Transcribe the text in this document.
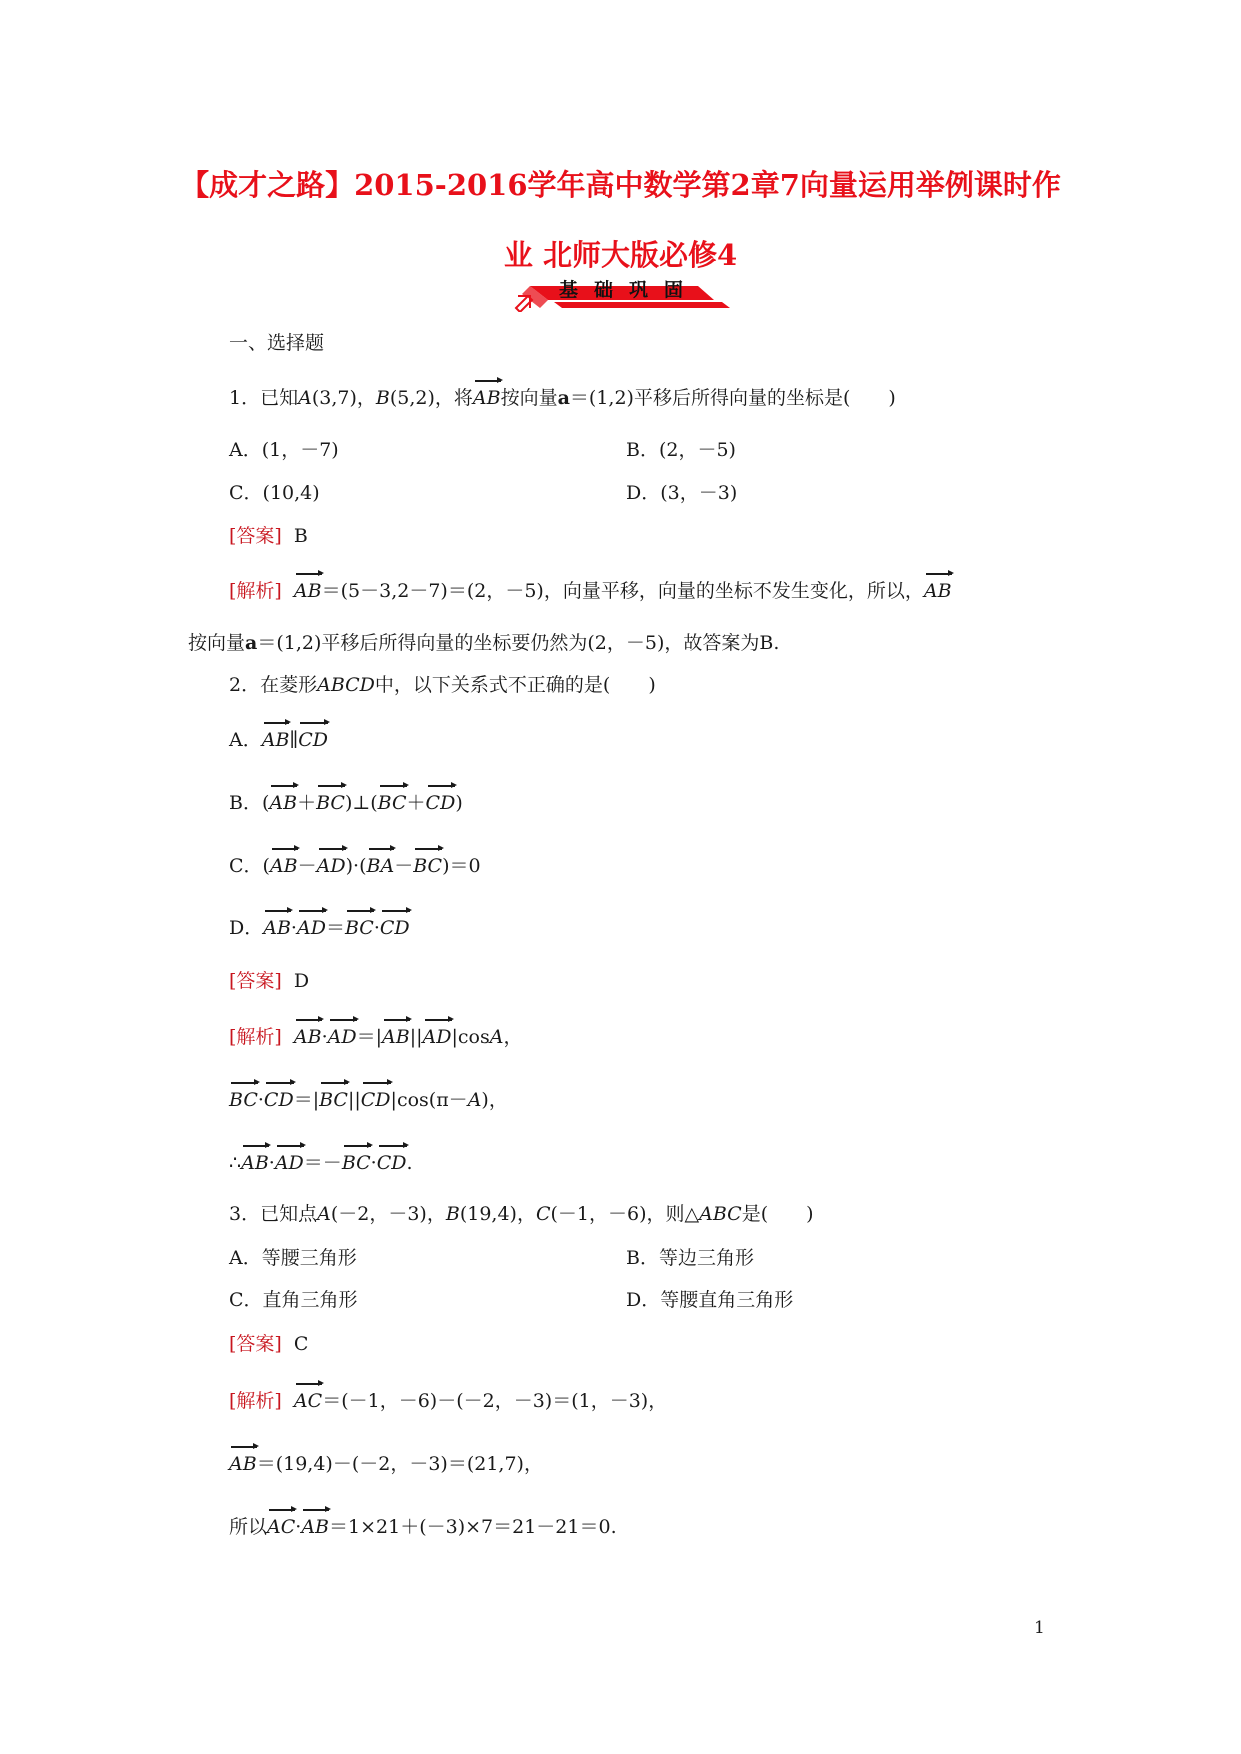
【成才之路】2015-2016学年高中数学第2章7向量运用举例课时作
业 北师大版必修4
基础巩固
一、选择题
1．已知A(3,7)，B(5,2)，将AB按向量a＝(1,2)平移后所得向量的坐标是(　　)
A．(1，－7)	B．(2，－5)
C．(10,4)	D．(3，－3)
[答案] B
[解析] AB＝(5－3,2－7)＝(2，－5)，向量平移，向量的坐标不发生变化，所以，AB
按向量a＝(1,2)平移后所得向量的坐标要仍然为(2，－5)，故答案为B.
2．在菱形ABCD中，以下关系式不正确的是(　　)
A．AB∥CD
B．(AB＋BC)⊥(BC＋CD)
C．(AB－AD)·(BA－BC)＝0
D．AB·AD＝BC·CD
[答案] D
[解析] AB·AD＝|AB||AD|cosA，
BC·CD＝|BC||CD|cos(π－A)，
∴AB·AD＝－BC·CD.
3．已知点A(－2，－3)，B(19,4)，C(－1，－6)，则△ABC是(　　)
A．等腰三角形	B．等边三角形
C．直角三角形	D．等腰直角三角形
[答案] C
[解析] AC＝(－1，－6)－(－2，－3)＝(1，－3)，
AB＝(19,4)－(－2，－3)＝(21,7)，
所以AC·AB＝1×21＋(－3)×7＝21－21＝0.
1
